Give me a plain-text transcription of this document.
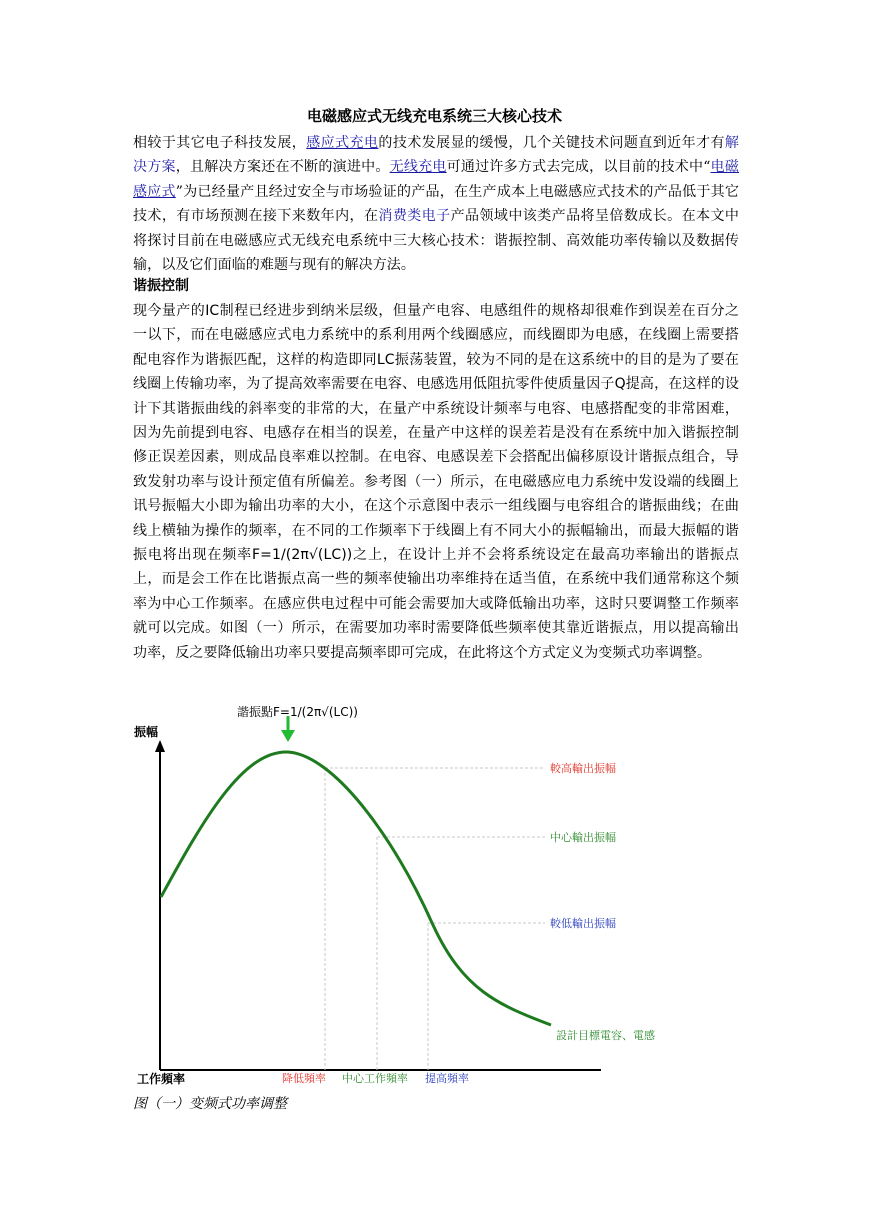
电磁感应式无线充电系统三大核心技术
相较于其它电子科技发展，感应式充电的技术发展显的缓慢，几个关键技术问题直到近年才有解决方案，且解决方案还在不断的演进中。无线充电可通过许多方式去完成，以目前的技术中“电磁感应式”为已经量产且经过安全与市场验证的产品，在生产成本上电磁感应式技术的产品低于其它技术，有市场预测在接下来数年内，在消费类电子产品领域中该类产品将呈倍数成长。在本文中将探讨目前在电磁感应式无线充电系统中三大核心技术：谐振控制、高效能功率传输以及数据传输，以及它们面临的难题与现有的解决方法。
谐振控制
现今量产的IC制程已经进步到纳米层级，但量产电容、电感组件的规格却很难作到误差在百分之一以下，而在电磁感应式电力系统中的系利用两个线圈感应，而线圈即为电感，在线圈上需要搭配电容作为谐振匹配，这样的构造即同LC振荡装置，较为不同的是在这系统中的目的是为了要在线圈上传输功率，为了提高效率需要在电容、电感选用低阻抗零件使质量因子Q提高，在这样的设计下其谐振曲线的斜率变的非常的大，在量产中系统设计频率与电容、电感搭配变的非常困难，因为先前提到电容、电感存在相当的误差，在量产中这样的误差若是没有在系统中加入谐振控制修正误差因素，则成品良率难以控制。在电容、电感误差下会搭配出偏移原设计谐振点组合，导致发射功率与设计预定值有所偏差。参考图（一）所示，在电磁感应电力系统中发设端的线圈上讯号振幅大小即为输出功率的大小，在这个示意图中表示一组线圈与电容组合的谐振曲线；在曲线上横轴为操作的频率，在不同的工作频率下于线圈上有不同大小的振幅输出，而最大振幅的谐振电将出现在频率F=1/(2π√(LC))之上，在设计上并不会将系统设定在最高功率输出的谐振点上，而是会工作在比谐振点高一些的频率使输出功率维持在适当值，在系统中我们通常称这个频率为中心工作频率。在感应供电过程中可能会需要加大或降低输出功率，这时只要调整工作频率就可以完成。如图（一）所示，在需要加功率时需要降低些频率使其靠近谐振点，用以提高输出功率，反之要降低输出功率只要提高频率即可完成，在此将这个方式定义为变频式功率调整。
諧振點F=1/(2π√(LC))
振幅
工作頻率
較高輸出振幅
中心輸出振幅
較低輸出振幅
設計目標電容、電感
降低頻率 中心工作頻率 提高頻率
图（一）变频式功率调整
